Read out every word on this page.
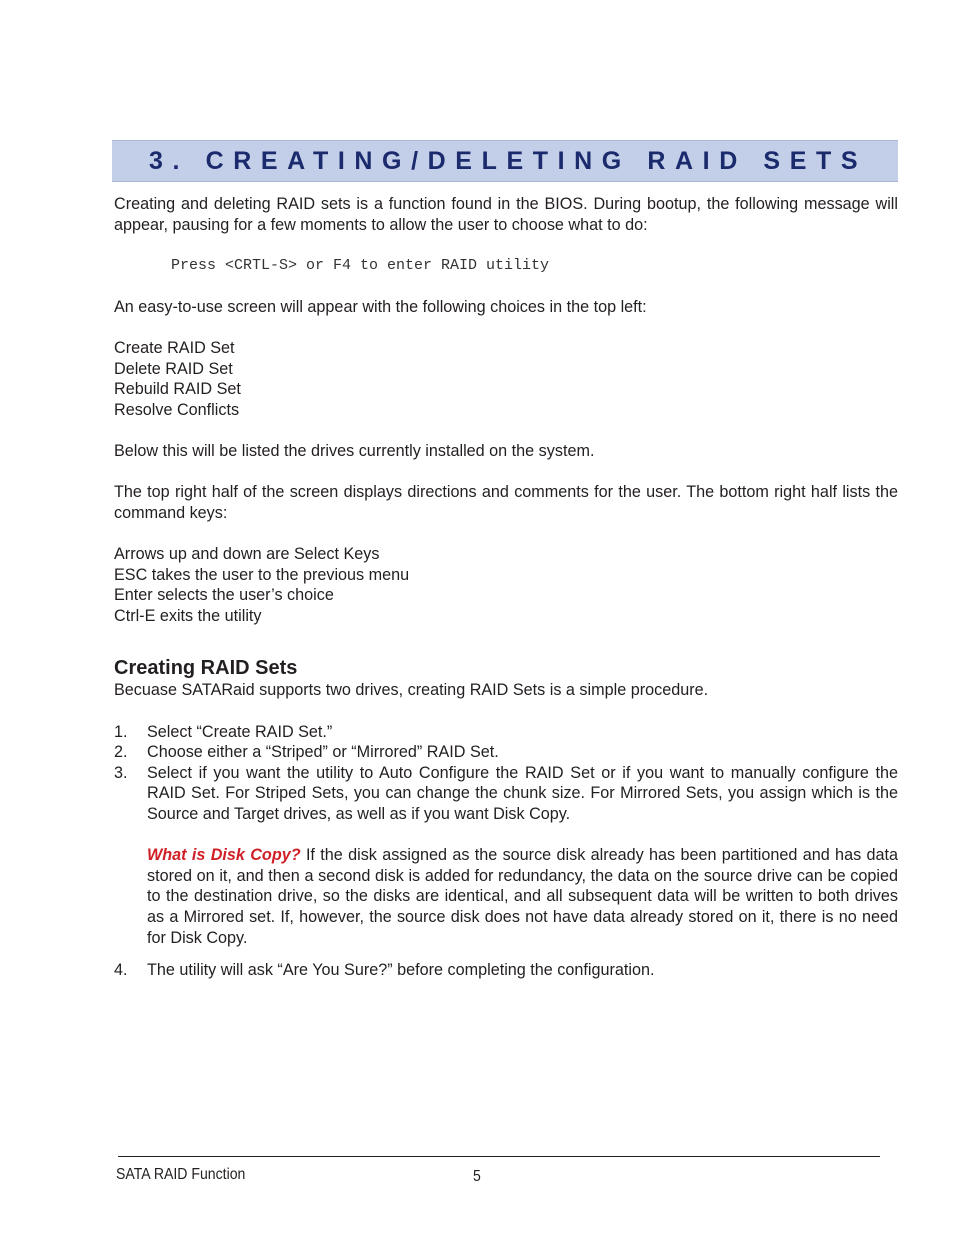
3. CREATING/DELETING RAID SETS

Creating and deleting RAID sets is a function found in the BIOS. During bootup, the following message will appear, pausing for a few moments to allow the user to choose what to do:

Press <CRTL-S> or F4 to enter RAID utility

An easy-to-use screen will appear with the following choices in the top left:

Create RAID Set

Delete RAID Set

Rebuild RAID Set

Resolve Conflicts

Below this will be listed the drives currently installed on the system.

The top right half of the screen displays directions and comments for the user. The bottom right half lists the command keys:

Arrows up and down are Select Keys

ESC takes the user to the previous menu

Enter selects the user’s choice

Ctrl-E exits the utility

Creating RAID Sets

Becuase SATARaid supports two drives, creating RAID Sets is a simple procedure.

1. Select “Create RAID Set.”
2. Choose either a “Striped” or “Mirrored” RAID Set.
3. Select if you want the utility to Auto Configure the RAID Set or if you want to manually configure the RAID Set. For Striped Sets, you can change the chunk size. For Mirrored Sets, you assign which is the Source and Target drives, as well as if you want Disk Copy.

What is Disk Copy? If the disk assigned as the source disk already has been partitioned and has data stored on it, and then a second disk is added for redundancy, the data on the source drive can be copied to the destination drive, so the disks are identical, and all subsequent data will be written to both drives as a Mirrored set. If, however, the source disk does not have data already stored on it, there is no need for Disk Copy.

4. The utility will ask “Are You Sure?” before completing the configuration.
SATA RAID Function	5
